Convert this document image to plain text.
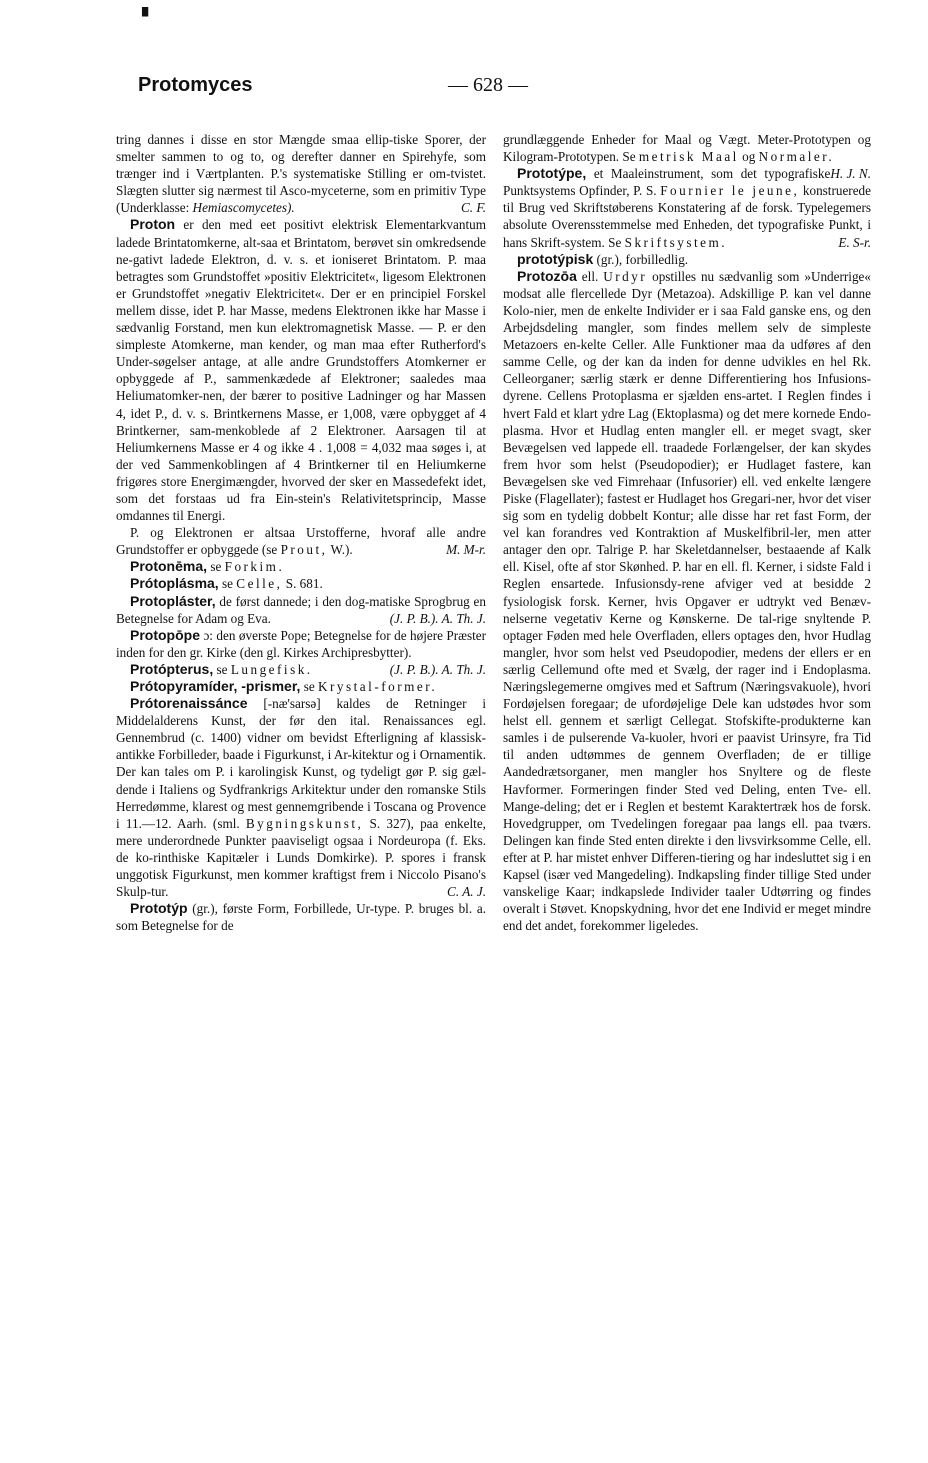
▘
Protomyces	— 628 —

tring dannes i disse en stor Mængde smaa ellip-tiske Sporer, der smelter sammen to og to, og derefter danner en Spirehyfe, som trænger ind i Værtplanten. P.'s systematiske Stilling er om-tvistet. Slægten slutter sig nærmest til Asco-myceterne, som en primitiv Type (Underklasse: Hemiascomycetes).	C. F.

Proton er den med eet positivt elektrisk Elementarkvantum ladede Brintatomkerne, alt-saa et Brintatom, berøvet sin omkredsende ne-gativt ladede Elektron, d. v. s. et ioniseret Brintatom. P. maa betragtes som Grundstoffet »positiv Elektricitet«, ligesom Elektronen er Grundstoffet »negativ Elektricitet«. Der er en principiel Forskel mellem disse, idet P. har Masse, medens Elektronen ikke har Masse i sædvanlig Forstand, men kun elektromagnetisk Masse. — P. er den simpleste Atomkerne, man kender, og man maa efter Rutherford's Under-søgelser antage, at alle andre Grundstoffers Atomkerner er opbyggede af P., sammenkædede af Elektroner; saaledes maa Heliumatomker-nen, der bærer to positive Ladninger og har Massen 4, idet P., d. v. s. Brintkernens Masse, er 1,008, være opbygget af 4 Brintkerner, sam-menkoblede af 2 Elektroner. Aarsagen til at Heliumkernens Masse er 4 og ikke 4 . 1,008 = 4,032 maa søges i, at der ved Sammenkoblingen af 4 Brintkerner til en Heliumkerne frigøres store Energimængder, hvorved der sker en Massedefekt idet, som det forstaas ud fra Ein-stein's Relativitetsprincip, Masse omdannes til Energi.

P. og Elektronen er altsaa Urstofferne, hvoraf alle andre Grundstoffer er opbyggede (se Prout, W.).	M. M-r.

Protonēma, se Forkim.

Prótoplásma, se Celle, S. 681.

Protopláster, de først dannede; i den dog-matiske Sprogbrug en Betegnelse for Adam og Eva.	(J. P. B.). A. Th. J.

Protopōpe ɔ: den øverste Pope; Betegnelse for de højere Præster inden for den gr. Kirke (den gl. Kirkes Archipresbytter).
(J. P. B.). A. Th. J.

Protópterus, se Lungefisk.

Prótopyramíder, -prismer, se Krystal-former.

Prótorenaissánce [-næ'sarsə] kaldes de Retninger i Middelalderens Kunst, der før den ital. Renaissances egl. Gennembrud (c. 1400) vidner om bevidst Efterligning af klassisk-antikke Forbilleder, baade i Figurkunst, i Ar-kitektur og i Ornamentik. Der kan tales om P. i karolingisk Kunst, og tydeligt gør P. sig gæl-dende i Italiens og Sydfrankrigs Arkitektur under den romanske Stils Herredømme, klarest og mest gennemgribende i Toscana og Provence i 11.—12. Aarh. (sml. Bygningskunst, S. 327), paa enkelte, mere underordnede Punkter paaviseligt ogsaa i Nordeuropa (f. Eks. de ko-rinthiske Kapitæler i Lunds Domkirke). P. spores i fransk unggotisk Figurkunst, men kommer kraftigst frem i Niccolo Pisano's Skulp-tur.	C. A. J.

Prototýp (gr.), første Form, Forbillede, Ur-type. P. bruges bl. a. som Betegnelse for de

grundlæggende Enheder for Maal og Vægt. Meter-Prototypen og Kilogram-Prototypen. Se metrisk Maal og Normaler.
H. J. N.

Prototýpe, et Maaleinstrument, som det typografiske Punktsystems Opfinder, P. S. Fournier le jeune, konstruerede til Brug ved Skriftstøberens Konstatering af de forsk. Typelegemers absolute Overensstemmelse med Enheden, det typografiske Punkt, i hans Skrift-system. Se Skriftsystem.	E. S-r.

prototýpisk (gr.), forbilledlig.

Protozōa ell. Urdyr opstilles nu sædvanlig som »Underrige« modsat alle flercellede Dyr (Metazoa). Adskillige P. kan vel danne Kolo-nier, men de enkelte Individer er i saa Fald ganske ens, og den Arbejdsdeling mangler, som findes mellem selv de simpleste Metazoers en-kelte Celler. Alle Funktioner maa da udføres af den samme Celle, og der kan da inden for denne udvikles en hel Rk. Celleorganer; særlig stærk er denne Differentiering hos Infusions-dyrene. Cellens Protoplasma er sjælden ens-artet. I Reglen findes i hvert Fald et klart ydre Lag (Ektoplasma) og det mere kornede Endo-plasma. Hvor et Hudlag enten mangler ell. er meget svagt, sker Bevægelsen ved lappede ell. traadede Forlængelser, der kan skydes frem hvor som helst (Pseudopodier); er Hudlaget fastere, kan Bevægelsen ske ved Fimrehaar (Infusorier) ell. ved enkelte længere Piske (Flagellater); fastest er Hudlaget hos Gregari-ner, hvor det viser sig som en tydelig dobbelt Kontur; alle disse har ret fast Form, der vel kan forandres ved Kontraktion af Muskelfibril-ler, men atter antager den opr. Talrige P. har Skeletdannelser, bestaaende af Kalk ell. Kisel, ofte af stor Skønhed. P. har en ell. fl. Kerner, i sidste Fald i Reglen ensartede. Infusionsdy-rene afviger ved at besidde 2 fysiologisk forsk. Kerner, hvis Opgaver er udtrykt ved Benæv-nelserne vegetativ Kerne og Kønskerne. De tal-rige snyltende P. optager Føden med hele Overfladen, ellers optages den, hvor Hudlag mangler, hvor som helst ved Pseudopodier, medens der ellers er en særlig Cellemund ofte med et Svælg, der rager ind i Endoplasma. Næringslegemerne omgives med et Saftrum (Næringsvakuole), hvori Fordøjelsen foregaar; de ufordøjelige Dele kan udstødes hvor som helst ell. gennem et særligt Cellegat. Stofskifte-produkterne kan samles i de pulserende Va-kuoler, hvori er paavist Urinsyre, fra Tid til anden udtømmes de gennem Overfladen; de er tillige Aandedrætsorganer, men mangler hos Snyltere og de fleste Havformer. Formeringen finder Sted ved Deling, enten Tve- ell. Mange-deling; det er i Reglen et bestemt Karaktertræk hos de forsk. Hovedgrupper, om Tvedelingen foregaar paa langs ell. paa tværs. Delingen kan finde Sted enten direkte i den livsvirksomme Celle, ell. efter at P. har mistet enhver Differen-tiering og har indesluttet sig i en Kapsel (især ved Mangedeling). Indkapsling finder tillige Sted under vanskelige Kaar; indkapslede Individer taaler Udtørring og findes overalt i Støvet. Knopskydning, hvor det ene Individ er meget mindre end det andet, forekommer ligeledes.
